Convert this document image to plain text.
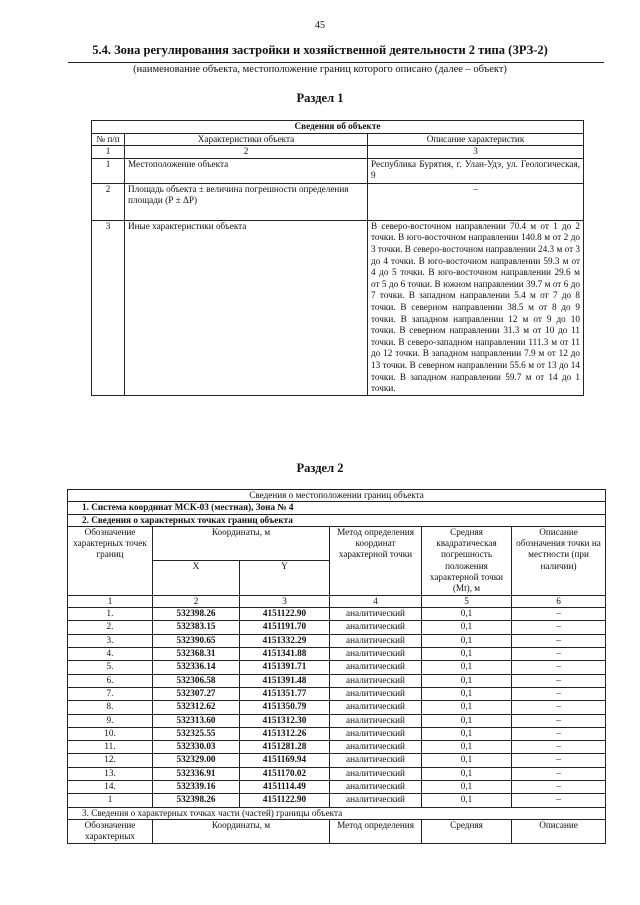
45
5.4. Зона регулирования застройки и хозяйственной деятельности 2 типа (ЗРЗ-2)
(наименование объекта, местоположение границ которого описано (далее – объект)
Раздел 1
Сведения об объекте		
№ п/п	Характеристики объекта	Описание характеристик
1	2	3
1	Местоположение объекта	Республика Бурятия, г. Улан-Удэ, ул. Геологическая, 9
2	Площадь объекта ± величина погрешности определения площади (Р ± ΔР)	–
3	Иные характеристики объекта	В северо-восточном направлении 70.4 м от 1 до 2 точки. В юго-восточном направлении 140.8 м от 2 до 3 точки. В северо-восточном направлении 24.3 м от 3 до 4 точки. В юго-восточном направлении 59.3 м от 4 до 5 точки. В юго-восточном направлении 29.6 м от 5 до 6 точки. В южном направлении 39.7 м от 6 до 7 точки. В западном направлении 5.4 м от 7 до 8 точки. В северном направлении 38.5 м от 8 до 9 точки. В западном направлении 12 м от 9 до 10 точки. В северном направлении 31.3 м от 10 до 11 точки. В северо-западном направлении 111.3 м от 11 до 12 точки. В западном направлении 7.9 м от 12 до 13 точки. В северном направлении 55.6 м от 13 до 14 точки. В западном направлении 59.7 м от 14 до 1 точки.
Раздел 2
Сведения о местоположении границ объекта					
1. Система координат МСК-03 (местная), Зона № 4					
2. Сведения о характерных точках границ объекта					
Обозначение характерных точек границ	Координаты, м		Метод определения координат характерной точки	Средняя квадратическая погрешность положения характерной точки (Mt), м	Описание обозначения точки на местности (при наличии)
	X	Y			
1	2	3	4	5	6
1.	532398.26	4151122.90	аналитический	0,1	–
2.	532383.15	4151191.70	аналитический	0,1	–
3.	532390.65	4151332.29	аналитический	0,1	–
4.	532368.31	4151341.88	аналитический	0,1	–
5.	532336.14	4151391.71	аналитический	0,1	–
6.	532306.58	4151391.48	аналитический	0,1	–
7.	532307.27	4151351.77	аналитический	0,1	–
8.	532312.62	4151350.79	аналитический	0,1	–
9.	532313.60	4151312.30	аналитический	0,1	–
10.	532325.55	4151312.26	аналитический	0,1	–
11.	532330.03	4151281.28	аналитический	0,1	–
12.	532329.00	4151169.94	аналитический	0,1	–
13.	532336.91	4151170.02	аналитический	0,1	–
14.	532339.16	4151114.49	аналитический	0,1	–
1	532398.26	4151122.90	аналитический	0,1	–
3. Сведения о характерных точках части (частей) границы объекта					
Обозначение характерных	Координаты, м		Метод определения	Средняя	Описание
